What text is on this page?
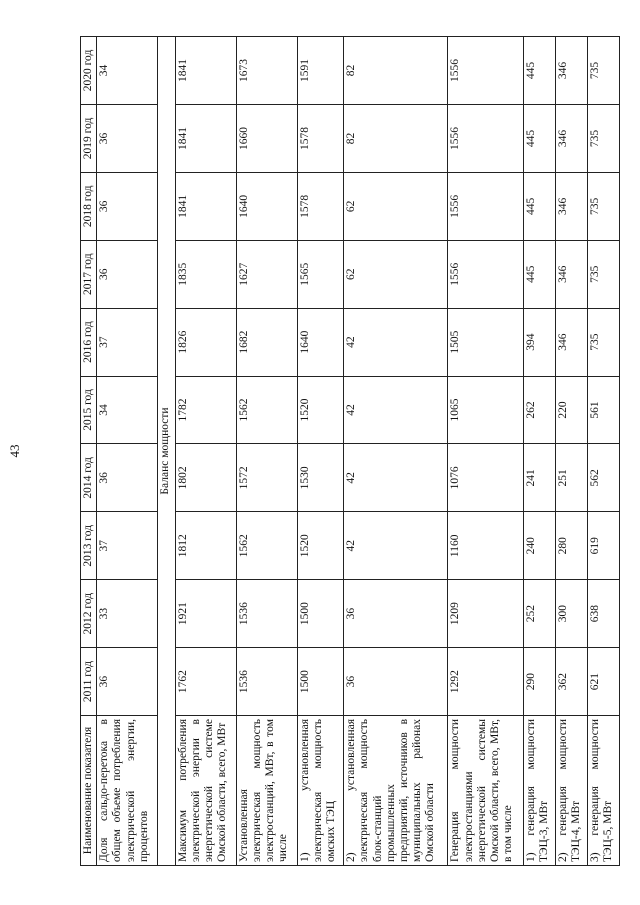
43
Наименование показателя	2011 год	2012 год	2013 год	2014 год	2015 год	2016 год	2017 год	2018 год	2019 год	2020 год
Доля сальдо-перетока в общем объеме потребления электрической энергии, процентов	36	33	37	36	34	37	36	36	36	34
Баланс мощности										
Максимум потребления электрической энергии в энергетической системе Омской области, всего, МВт	1762	1921	1812	1802	1782	1826	1835	1841	1841	1841
Установленная электрическая мощность электростанций, МВт, в том числе	1536	1536	1562	1572	1562	1682	1627	1640	1660	1673
1) установленная электрическая мощность омских ТЭЦ	1500	1500	1520	1530	1520	1640	1565	1578	1578	1591
2) установленная электрическая мощность блок-станций промышленных предприятий, источников в муниципальных районах Омской области	36	36	42	42	42	42	62	62	82	82
Генерация мощности электростанциями энергетической системы Омской области, всего, МВт, в том числе	1292	1209	1160	1076	1065	1505	1556	1556	1556	1556
1) генерация мощности ТЭЦ-3, МВт	290	252	240	241	262	394	445	445	445	445
2) генерация мощности ТЭЦ-4, МВт	362	300	280	251	220	346	346	346	346	346
3) генерация мощности ТЭЦ-5, МВт	621	638	619	562	561	735	735	735	735	735
